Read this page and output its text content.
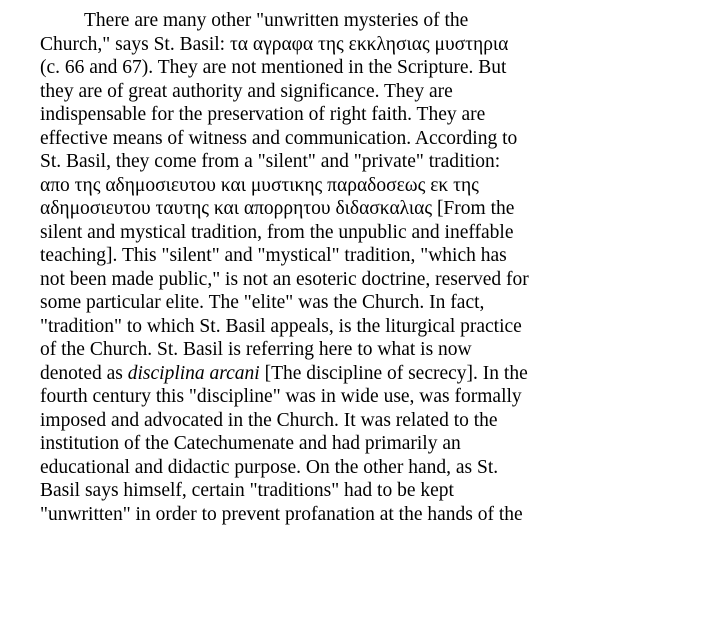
There are many other "unwritten mysteries of the
Church," says St. Basil: τα αγραφα της εκκλησιας μυστηρια
(c. 66 and 67). They are not mentioned in the Scripture. But
they are of great authority and significance. They are
indispensable for the preservation of right faith. They are
effective means of witness and communication. According to
St. Basil, they come from a "silent" and "private" tradition:
απο της αδημοσιευτου και μυστικης παραδοσεως εκ της
αδημοσιευτου ταυτης και απορρητου διδασκαλιας [From the
silent and mystical tradition, from the unpublic and ineffable
teaching]. This "silent" and "mystical" tradition, "which has
not been made public," is not an esoteric doctrine, reserved for
some particular elite. The "elite" was the Church. In fact,
"tradition" to which St. Basil appeals, is the liturgical practice
of the Church. St. Basil is referring here to what is now
denoted as disciplina arcani [The discipline of secrecy]. In the
fourth century this "discipline" was in wide use, was formally
imposed and advocated in the Church. It was related to the
institution of the Catechumenate and had primarily an
educational and didactic purpose. On the other hand, as St.
Basil says himself, certain "traditions" had to be kept
"unwritten" in order to prevent profanation at the hands of the
